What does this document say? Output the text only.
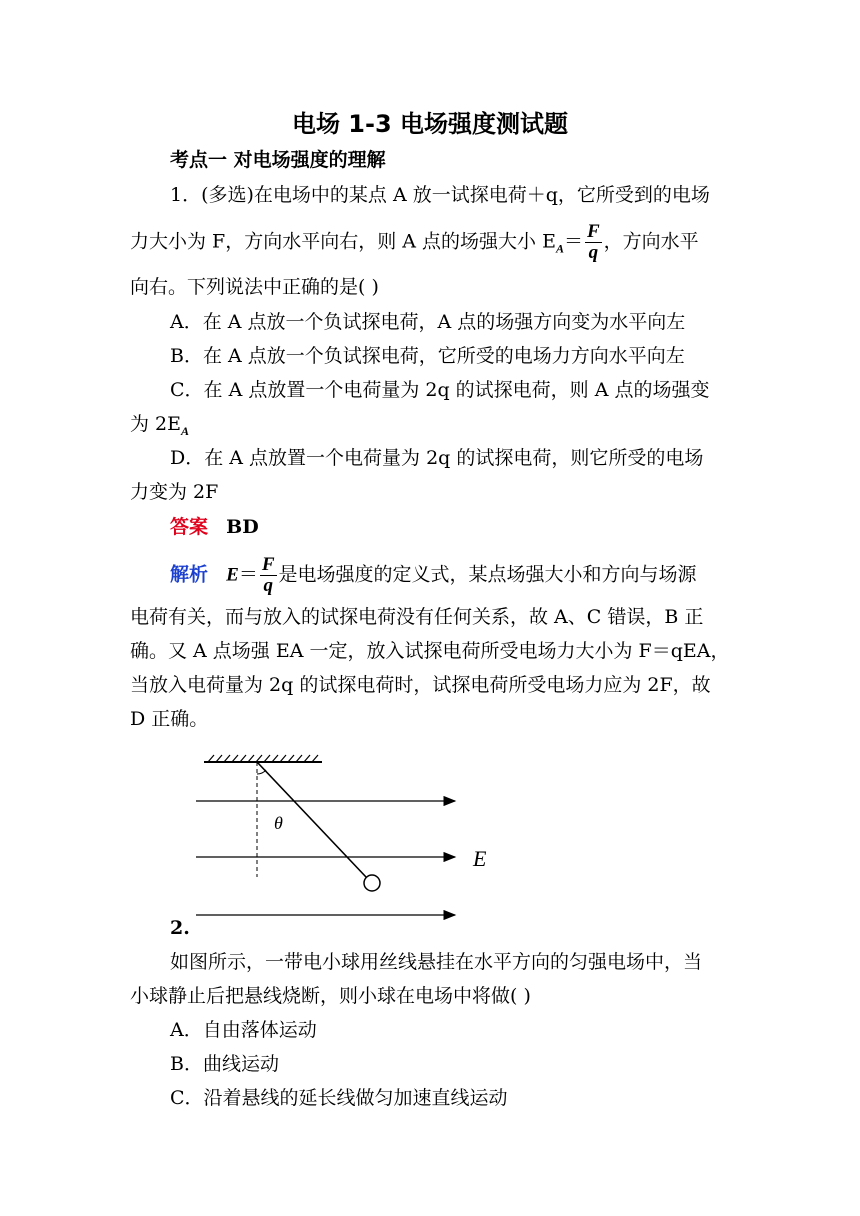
电场 1-3 电场强度测试题
考点一 对电场强度的理解
1．(多选)在电场中的某点 A 放一试探电荷＋q，它所受到的电场
力大小为 F，方向水平向右，则 A 点的场强大小 $E_A= \frac{F}{q}$ ，方向水平
向右。下列说法中正确的是( )
A．在 A 点放一个负试探电荷，A 点的场强方向变为水平向左
B．在 A 点放一个负试探电荷，它所受的电场力方向水平向左
C．在 A 点放置一个电荷量为 2q 的试探电荷，则 A 点的场强变
为 $2E_A$
D．在 A 点放置一个电荷量为 2q 的试探电荷，则它所受的电场
力变为 2F
答案 BD
解析 $E= \frac{F}{q}$ 是电场强度的定义式，某点场强大小和方向与场源
电荷有关，而与放入的试探电荷没有任何关系，故 A、C 错误，B 正
确。又 A 点场强 EA 一定，放入试探电荷所受电场力大小为 F＝qEA，
当放入电荷量为 2q 的试探电荷时，试探电荷所受电场力应为 2F，故
D 正确。
θ
E
2.
如图所示，一带电小球用丝线悬挂在水平方向的匀强电场中，当
小球静止后把悬线烧断，则小球在电场中将做( )
A．自由落体运动
B．曲线运动
C．沿着悬线的延长线做匀加速直线运动
